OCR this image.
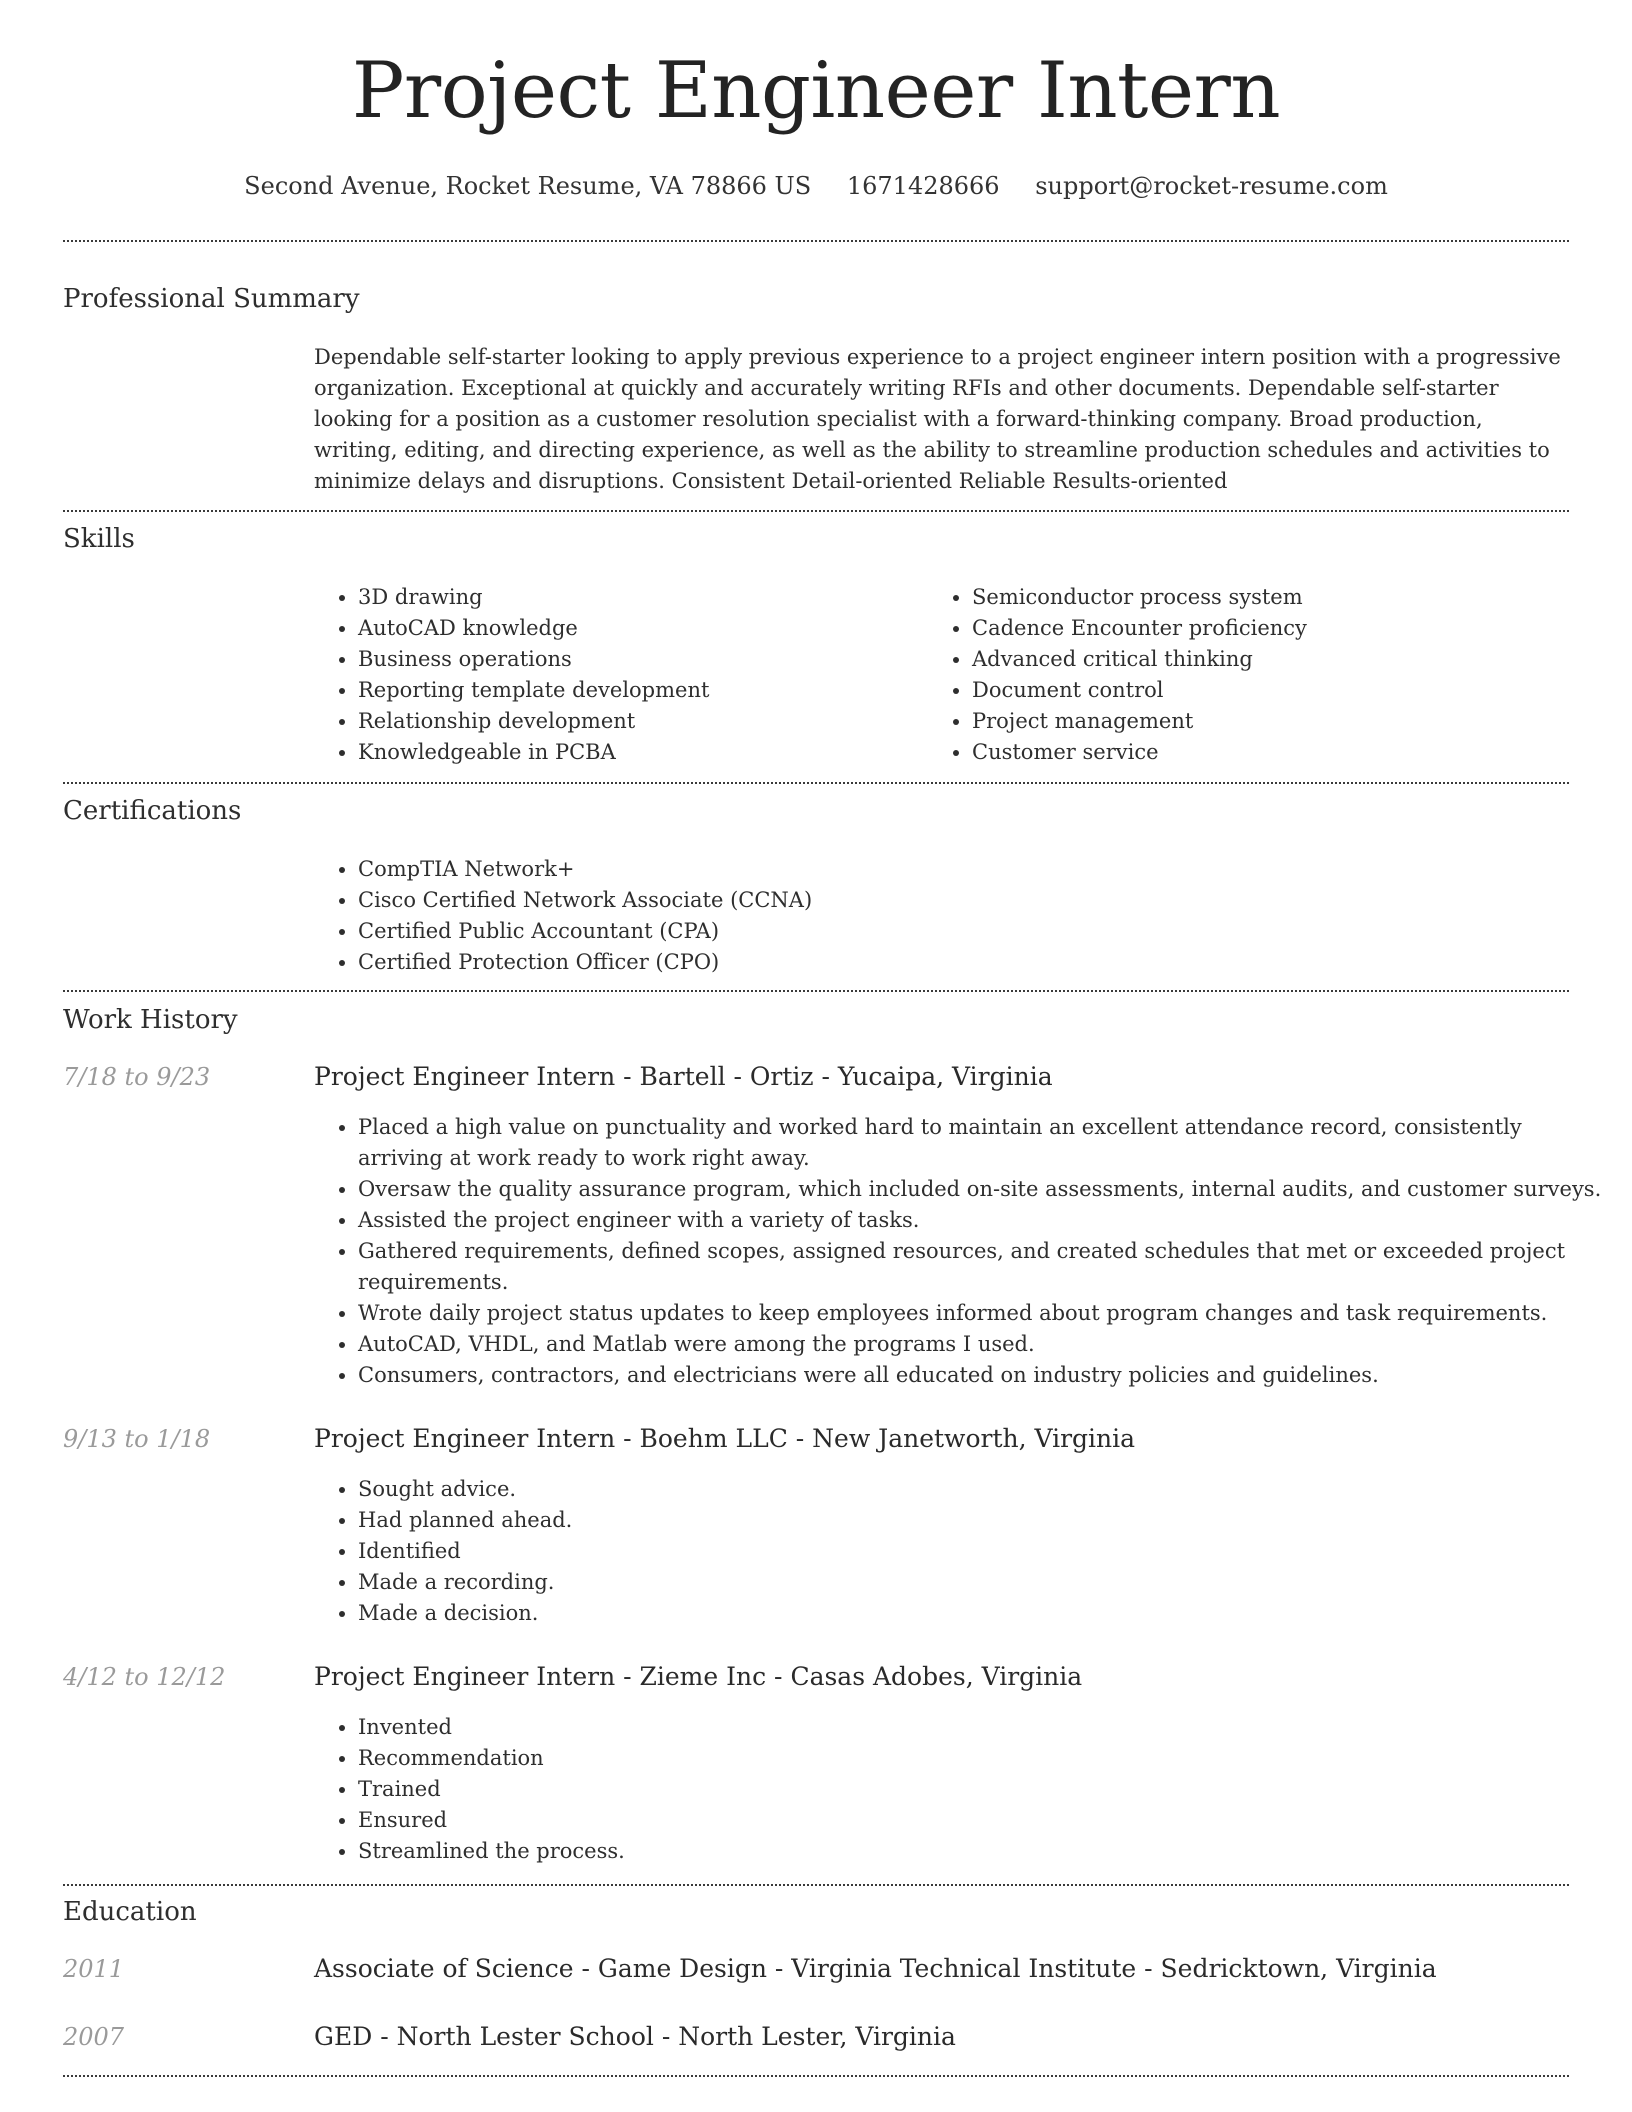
Project Engineer Intern
Second Avenue, Rocket Resume, VA 78866 US 1671428666 support@rocket-resume.com
Professional Summary
Dependable self-starter looking to apply previous experience to a project engineer intern position with a progressive organization. Exceptional at quickly and accurately writing RFIs and other documents. Dependable self-starter looking for a position as a customer resolution specialist with a forward-thinking company. Broad production, writing, editing, and directing experience, as well as the ability to streamline production schedules and activities to minimize delays and disruptions. Consistent Detail-oriented Reliable Results-oriented
Skills
• 3D drawing
• AutoCAD knowledge
• Business operations
• Reporting template development
• Relationship development
• Knowledgeable in PCBA
• Semiconductor process system
• Cadence Encounter proficiency
• Advanced critical thinking
• Document control
• Project management
• Customer service
Certifications
• CompTIA Network+
• Cisco Certified Network Associate (CCNA)
• Certified Public Accountant (CPA)
• Certified Protection Officer (CPO)
Work History
7/18 to 9/23	Project Engineer Intern - Bartell - Ortiz - Yucaipa, Virginia
• Placed a high value on punctuality and worked hard to maintain an excellent attendance record, consistently arriving at work ready to work right away.
• Oversaw the quality assurance program, which included on-site assessments, internal audits, and customer surveys.
• Assisted the project engineer with a variety of tasks.
• Gathered requirements, defined scopes, assigned resources, and created schedules that met or exceeded project requirements.
• Wrote daily project status updates to keep employees informed about program changes and task requirements.
• AutoCAD, VHDL, and Matlab were among the programs I used.
• Consumers, contractors, and electricians were all educated on industry policies and guidelines.
9/13 to 1/18	Project Engineer Intern - Boehm LLC - New Janetworth, Virginia
• Sought advice.
• Had planned ahead.
• Identified
• Made a recording.
• Made a decision.
4/12 to 12/12	Project Engineer Intern - Zieme Inc - Casas Adobes, Virginia
• Invented
• Recommendation
• Trained
• Ensured
• Streamlined the process.
Education
2011	Associate of Science - Game Design - Virginia Technical Institute - Sedricktown, Virginia
2007	GED - North Lester School - North Lester, Virginia
